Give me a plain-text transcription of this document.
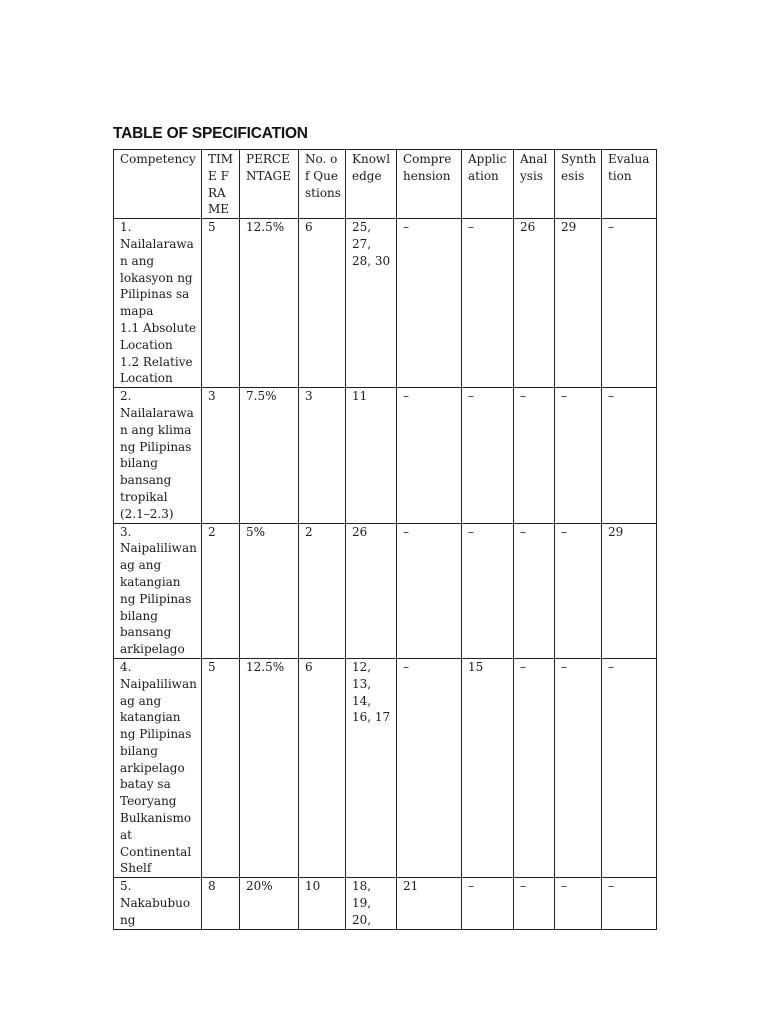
TABLE OF SPECIFICATION
Competency	TIME FRAME	PERCENTAGE	No. of Questions	Knowledge	Comprehension	Application	Analysis	Synthesis	Evaluation

1. Nailalarawan ang lokasyon ng Pilipinas sa mapa
1.1 Absolute Location
1.2 Relative Location	5	12.5%	6	25, 27, 28, 30	–	–	26	29	–

2. Nailalarawan ang klima ng Pilipinas bilang bansang tropikal (2.1–2.3)	3	7.5%	3	11	–	–	–	–	–

3. Naipaliliwanag ang katangian ng Pilipinas bilang bansang arkipelago	2	5%	2	26	–	–	–	–	29

4. Naipaliliwanag ang katangian ng Pilipinas bilang arkipelago batay sa Teoryang Bulkanismo at Continental Shelf	5	12.5%	6	12, 13, 14, 16, 17	–	15	–	–	–

5. Nakabubuo ng	8	20%	10	18, 19, 20,	21	–	–	–	–
